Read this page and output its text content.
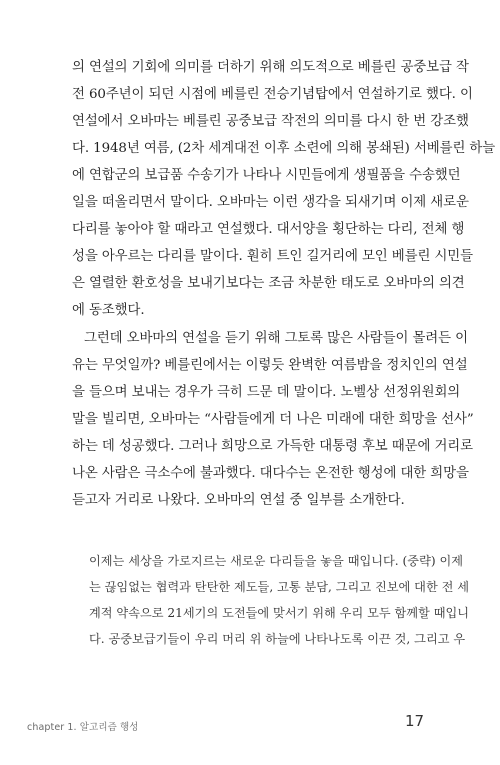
의 연설의 기회에 의미를 더하기 위해 의도적으로 베를린 공중보급 작
전 60주년이 되던 시점에 베를린 전승기념탑에서 연설하기로 했다. 이
연설에서 오바마는 베를린 공중보급 작전의 의미를 다시 한 번 강조했
다. 1948년 여름, (2차 세계대전 이후 소련에 의해 봉쇄된) 서베를린 하늘
에 연합군의 보급품 수송기가 나타나 시민들에게 생필품을 수송했던
일을 떠올리면서 말이다. 오바마는 이런 생각을 되새기며 이제 새로운
다리를 놓아야 할 때라고 연설했다. 대서양을 횡단하는 다리, 전체 행
성을 아우르는 다리를 말이다. 훤히 트인 길거리에 모인 베를린 시민들
은 열렬한 환호성을 보내기보다는 조금 차분한 태도로 오바마의 의견
에 동조했다.
그런데 오바마의 연설을 듣기 위해 그토록 많은 사람들이 몰려든 이
유는 무엇일까? 베를린에서는 이렇듯 완벽한 여름밤을 정치인의 연설
을 들으며 보내는 경우가 극히 드문 데 말이다. 노벨상 선정위원회의
말을 빌리면, 오바마는 “사람들에게 더 나은 미래에 대한 희망을 선사”
하는 데 성공했다. 그러나 희망으로 가득한 대통령 후보 때문에 거리로
나온 사람은 극소수에 불과했다. 대다수는 온전한 행성에 대한 희망을
듣고자 거리로 나왔다. 오바마의 연설 중 일부를 소개한다.
이제는 세상을 가로지르는 새로운 다리들을 놓을 때입니다. (중략) 이제
는 끊임없는 협력과 탄탄한 제도들, 고통 분담, 그리고 진보에 대한 전 세
계적 약속으로 21세기의 도전들에 맞서기 위해 우리 모두 함께할 때입니
다. 공중보급기들이 우리 머리 위 하늘에 나타나도록 이끈 것, 그리고 우
chapter 1. 알고리즘 행성	17
